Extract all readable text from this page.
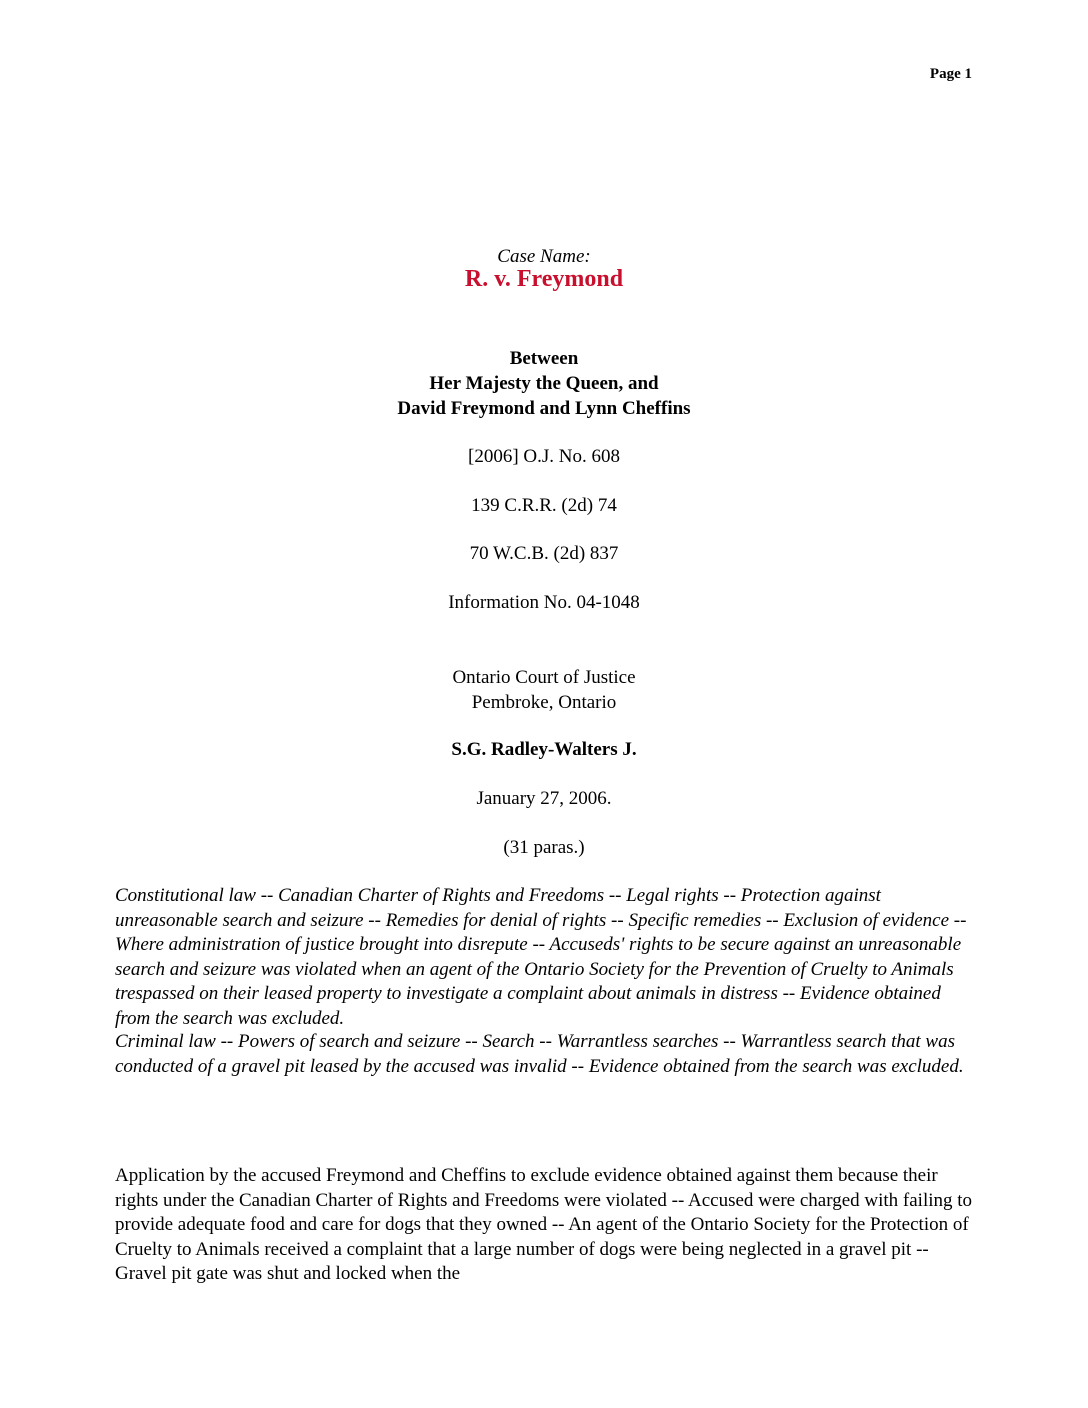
Page 1
Case Name:
R. v. Freymond
Between
Her Majesty the Queen, and
David Freymond and Lynn Cheffins
[2006] O.J. No. 608
139 C.R.R. (2d) 74
70 W.C.B. (2d) 837
Information No. 04-1048
Ontario Court of Justice
Pembroke, Ontario
S.G. Radley-Walters J.
January 27, 2006.
(31 paras.)

Constitutional law -- Canadian Charter of Rights and Freedoms -- Legal rights -- Protection against unreasonable search and seizure -- Remedies for denial of rights -- Specific remedies -- Exclusion of evidence -- Where administration of justice brought into disrepute -- Accuseds' rights to be secure against an unreasonable search and seizure was violated when an agent of the Ontario Society for the Prevention of Cruelty to Animals trespassed on their leased property to investigate a complaint about animals in distress -- Evidence obtained from the search was excluded.

Criminal law -- Powers of search and seizure -- Search -- Warrantless searches -- Warrantless search that was conducted of a gravel pit leased by the accused was invalid -- Evidence obtained from the search was excluded.

Application by the accused Freymond and Cheffins to exclude evidence obtained against them because their rights under the Canadian Charter of Rights and Freedoms were violated -- Accused were charged with failing to provide adequate food and care for dogs that they owned -- An agent of the Ontario Society for the Protection of Cruelty to Animals received a complaint that a large number of dogs were being neglected in a gravel pit -- Gravel pit gate was shut and locked when the
